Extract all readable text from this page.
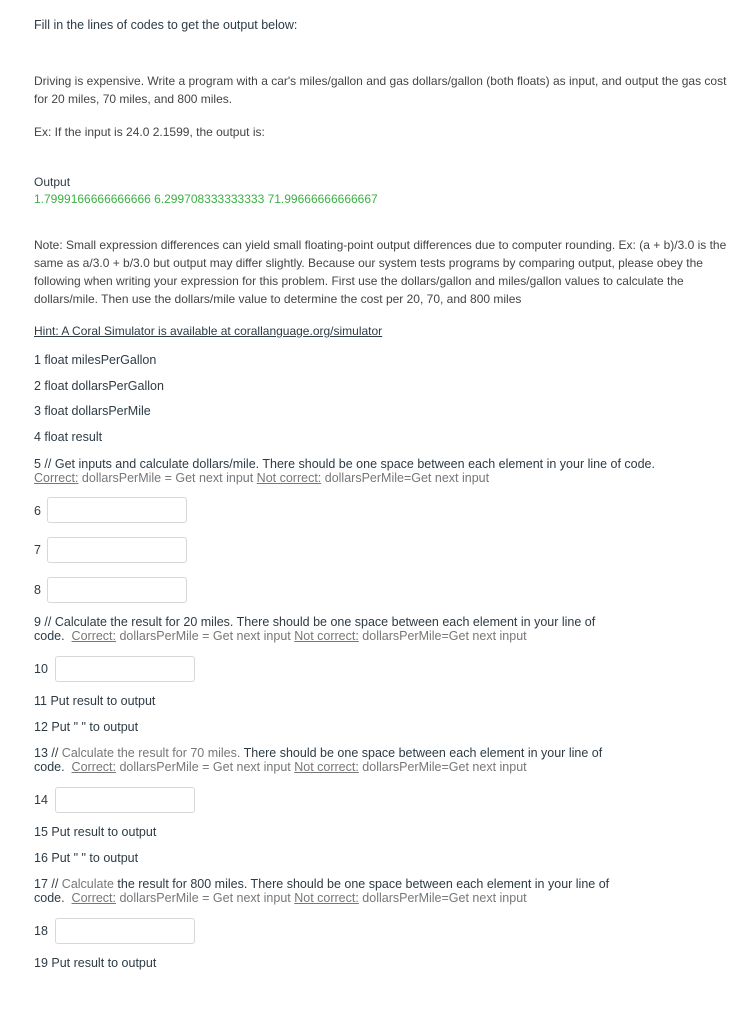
Fill in the lines of codes to get the output below:
Driving is expensive. Write a program with a car's miles/gallon and gas dollars/gallon (both floats) as input, and output the gas cost
for 20 miles, 70 miles, and 800 miles.
Ex: If the input is 24.0 2.1599, the output is:
Output
1.7999166666666666 6.299708333333333 71.99666666666667
Note: Small expression differences can yield small floating-point output differences due to computer rounding. Ex: (a + b)/3.0 is the
same as a/3.0 + b/3.0 but output may differ slightly. Because our system tests programs by comparing output, please obey the
following when writing your expression for this problem. First use the dollars/gallon and miles/gallon values to calculate the
dollars/mile. Then use the dollars/mile value to determine the cost per 20, 70, and 800 miles
Hint: A Coral Simulator is available at corallanguage.org/simulator
1 float milesPerGallon
2 float dollarsPerGallon
3 float dollarsPerMile
4 float result
5 // Get inputs and calculate dollars/mile. There should be one space between each element in your line of code.
Correct: dollarsPerMile = Get next input Not correct: dollarsPerMile=Get next input
6
7
8
9 // Calculate the result for 20 miles. There should be one space between each element in your line of
code. Correct: dollarsPerMile = Get next input Not correct: dollarsPerMile=Get next input
10
11 Put result to output
12 Put " " to output
13 // Calculate the result for 70 miles. There should be one space between each element in your line of
code. Correct: dollarsPerMile = Get next input Not correct: dollarsPerMile=Get next input
14
15 Put result to output
16 Put " " to output
17 // Calculate the result for 800 miles. There should be one space between each element in your line of
code. Correct: dollarsPerMile = Get next input Not correct: dollarsPerMile=Get next input
18
19 Put result to output
